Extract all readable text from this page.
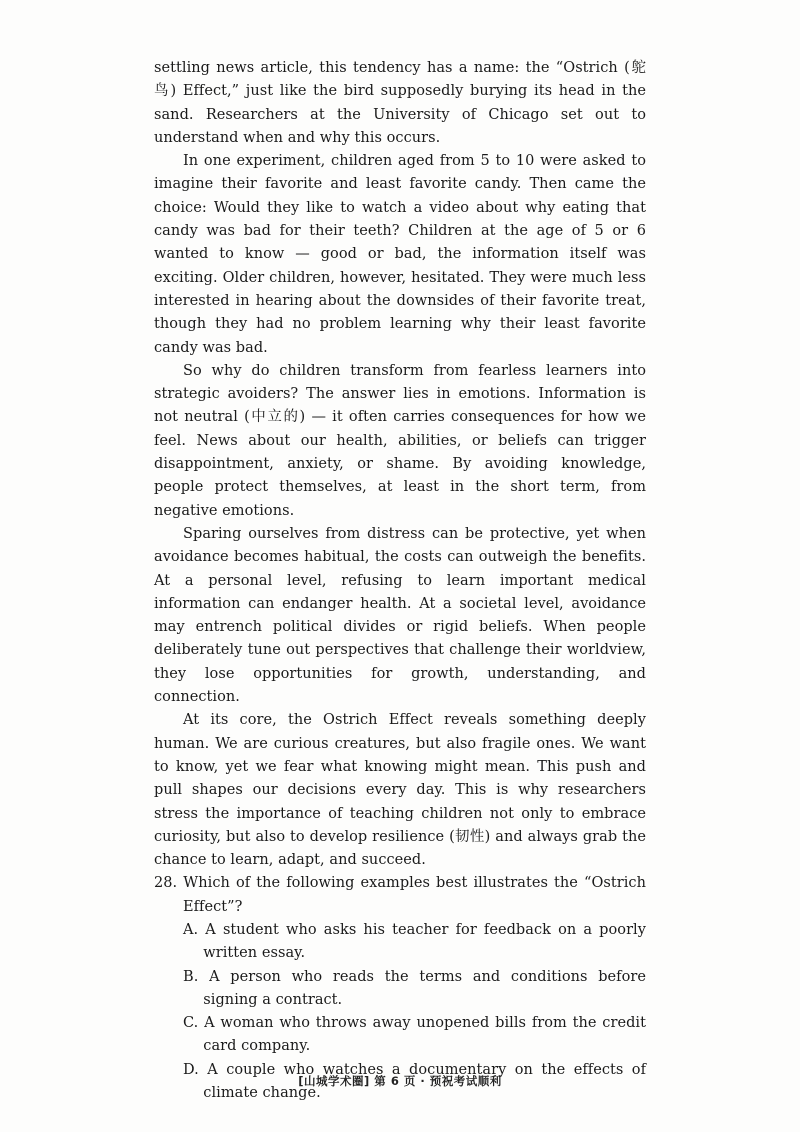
settling news article, this tendency has a name: the “Ostrich (鸵鸟) Effect,” just like the bird supposedly burying its head in the sand. Researchers at the University of Chicago set out to understand when and why this occurs.

In one experiment, children aged from 5 to 10 were asked to imagine their favorite and least favorite candy. Then came the choice: Would they like to watch a video about why eating that candy was bad for their teeth? Children at the age of 5 or 6 wanted to know — good or bad, the information itself was exciting. Older children, however, hesitated. They were much less interested in hearing about the downsides of their favorite treat, though they had no problem learning why their least favorite candy was bad.

So why do children transform from fearless learners into strategic avoiders? The answer lies in emotions. Information is not neutral (中立的) — it often carries consequences for how we feel. News about our health, abilities, or beliefs can trigger disappointment, anxiety, or shame. By avoiding knowledge, people protect themselves, at least in the short term, from negative emotions.

Sparing ourselves from distress can be protective, yet when avoidance becomes habitual, the costs can outweigh the benefits. At a personal level, refusing to learn important medical information can endanger health. At a societal level, avoidance may entrench political divides or rigid beliefs. When people deliberately tune out perspectives that challenge their worldview, they lose opportunities for growth, understanding, and connection.

At its core, the Ostrich Effect reveals something deeply human. We are curious creatures, but also fragile ones. We want to know, yet we fear what knowing might mean. This push and pull shapes our decisions every day. This is why researchers stress the importance of teaching children not only to embrace curiosity, but also to develop resilience (韧性) and always grab the chance to learn, adapt, and succeed.

28. Which of the following examples best illustrates the “Ostrich Effect”?
A. A student who asks his teacher for feedback on a poorly written essay.
B. A person who reads the terms and conditions before signing a contract.
C. A woman who throws away unopened bills from the credit card company.
D. A couple who watches a documentary on the effects of climate change.
[山城学术圈] 第 6 页 · 预祝考试顺利
